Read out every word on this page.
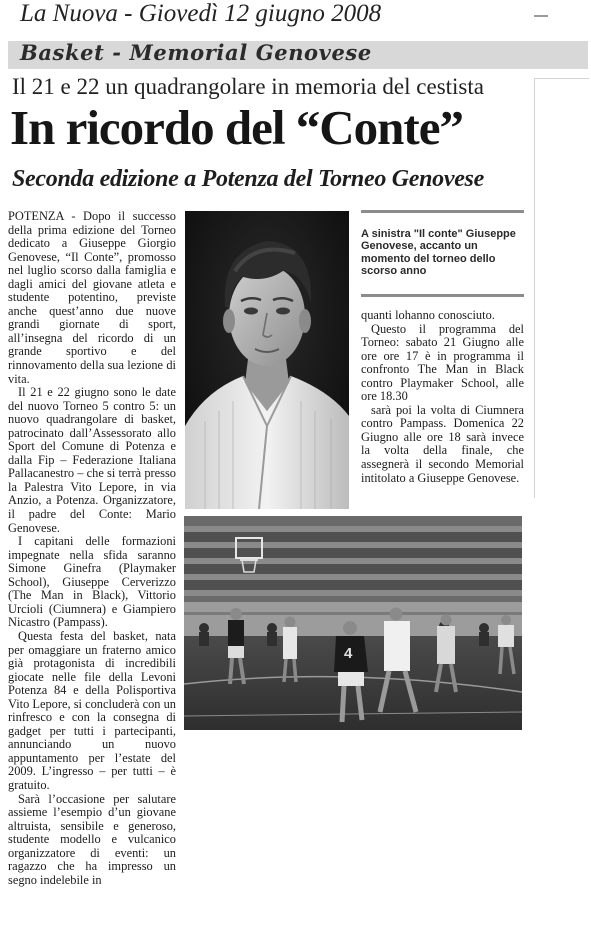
La Nuova - Giovedì 12 giugno 2008
Basket - Memorial Genovese
Il 21 e 22 un quadrangolare in memoria del cestista
In ricordo del “Conte”
Seconda edizione a Potenza del Torneo Genovese

POTENZA - Dopo il successo della prima edizione del Torneo dedicato a Giuseppe Giorgio Genovese, “Il Conte”, promosso nel luglio scorso dalla famiglia e dagli amici del giovane atleta e studente potentino, previste anche quest’anno due nuove grandi giornate di sport, all’insegna del ricordo di un grande sportivo e del rinnovamento della sua lezione di vita.

Il 21 e 22 giugno sono le date del nuovo Torneo 5 contro 5: un nuovo quadrangolare di basket, patrocinato dall’Assessorato allo Sport del Comune di Potenza e dalla Fip – Federazione Italiana Pallacanestro – che si terrà presso la Palestra Vito Lepore, in via Anzio, a Potenza. Organizzatore, il padre del Conte: Mario Genovese.

I capitani delle formazioni impegnate nella sfida saranno Simone Ginefra (Playmaker School), Giuseppe Cerverizzo (The Man in Black), Vittorio Urcioli (Ciumnera) e Giampiero Nicastro (Pampass).

Questa festa del basket, nata per omaggiare un fraterno amico già protagonista di incredibili giocate nelle file della Levoni Potenza 84 e della Polisportiva Vito Lepore, si concluderà con un rinfresco e con la consegna di gadget per tutti i partecipanti, annunciando un nuovo appuntamento per l’estate del 2009. L’ingresso – per tutti – è gratuito.

Sarà l’occasione per salutare assieme l’esempio d’un giovane altruista, sensibile e generoso, studente modello e vulcanico organizzatore di eventi: un ragazzo che ha impresso un segno indelebile in

A sinistra "Il conte" Giuseppe Genovese, accanto un momento del torneo dello scorso anno

quanti lohanno conosciuto.

Questo il programma del Torneo: sabato 21 Giugno alle ore ore 17 è in programma il confronto The Man in Black contro Playmaker School, alle ore 18.30

sarà poi la volta di Ciumnera contro Pampass. Domenica 22 Giugno alle ore 18 sarà invece la volta della finale, che assegnerà il secondo Memorial intitolato a Giuseppe Genovese.

4
